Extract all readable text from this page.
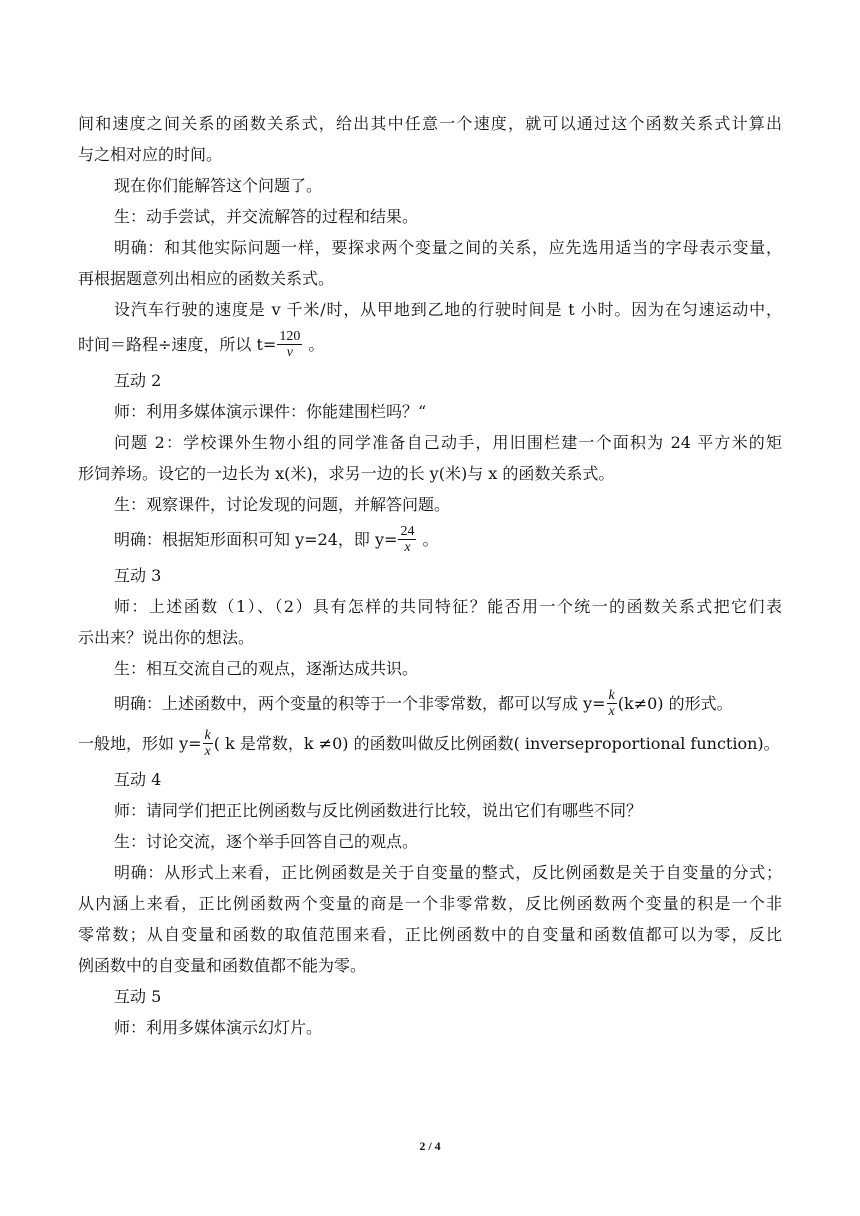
间和速度之间关系的函数关系式，给出其中任意一个速度，就可以通过这个函数关系式计算出
与之相对应的时间。
现在你们能解答这个问题了。
生：动手尝试，并交流解答的过程和结果。
明确：和其他实际问题一样，要探求两个变量之间的关系，应先选用适当的字母表示变量，
再根据题意列出相应的函数关系式。
设汽车行驶的速度是 v 千米/时，从甲地到乙地的行驶时间是 t 小时。因为在匀速运动中，
时间＝路程÷速度，所以 $t= \frac{120}{v}$ 。
互动 2
师：利用多媒体演示课件：你能建围栏吗？“
问题 2：学校课外生物小组的同学准备自己动手，用旧围栏建一个面积为 24 平方米的矩
形饲养场。设它的一边长为 x(米)，求另一边的长 y(米)与 x 的函数关系式。
生：观察课件，讨论发现的问题，并解答问题。
明确：根据矩形面积可知 y=24，即 $y= \frac{24}{x}$ 。
互动 3
师：上述函数（1）、（2）具有怎样的共同特征？能否用一个统一的函数关系式把它们表
示出来？说出你的想法。
生：相互交流自己的观点，逐渐达成共识。
明确：上述函数中，两个变量的积等于一个非零常数，都可以写成 $y= \frac{k}{x} (k\ne 0)$ 的形式。
一般地，形如 $y= \frac{k}{x}$ ( k 是常数，k ≠0) 的函数叫做反比例函数( inverseproportional function)。
互动 4
师：请同学们把正比例函数与反比例函数进行比较，说出它们有哪些不同？
生：讨论交流，逐个举手回答自己的观点。
明确：从形式上来看，正比例函数是关于自变量的整式，反比例函数是关于自变量的分式；
从内涵上来看，正比例函数两个变量的商是一个非零常数，反比例函数两个变量的积是一个非
零常数；从自变量和函数的取值范围来看，正比例函数中的自变量和函数值都可以为零，反比
例函数中的自变量和函数值都不能为零。
互动 5
师：利用多媒体演示幻灯片。
2 / 4
